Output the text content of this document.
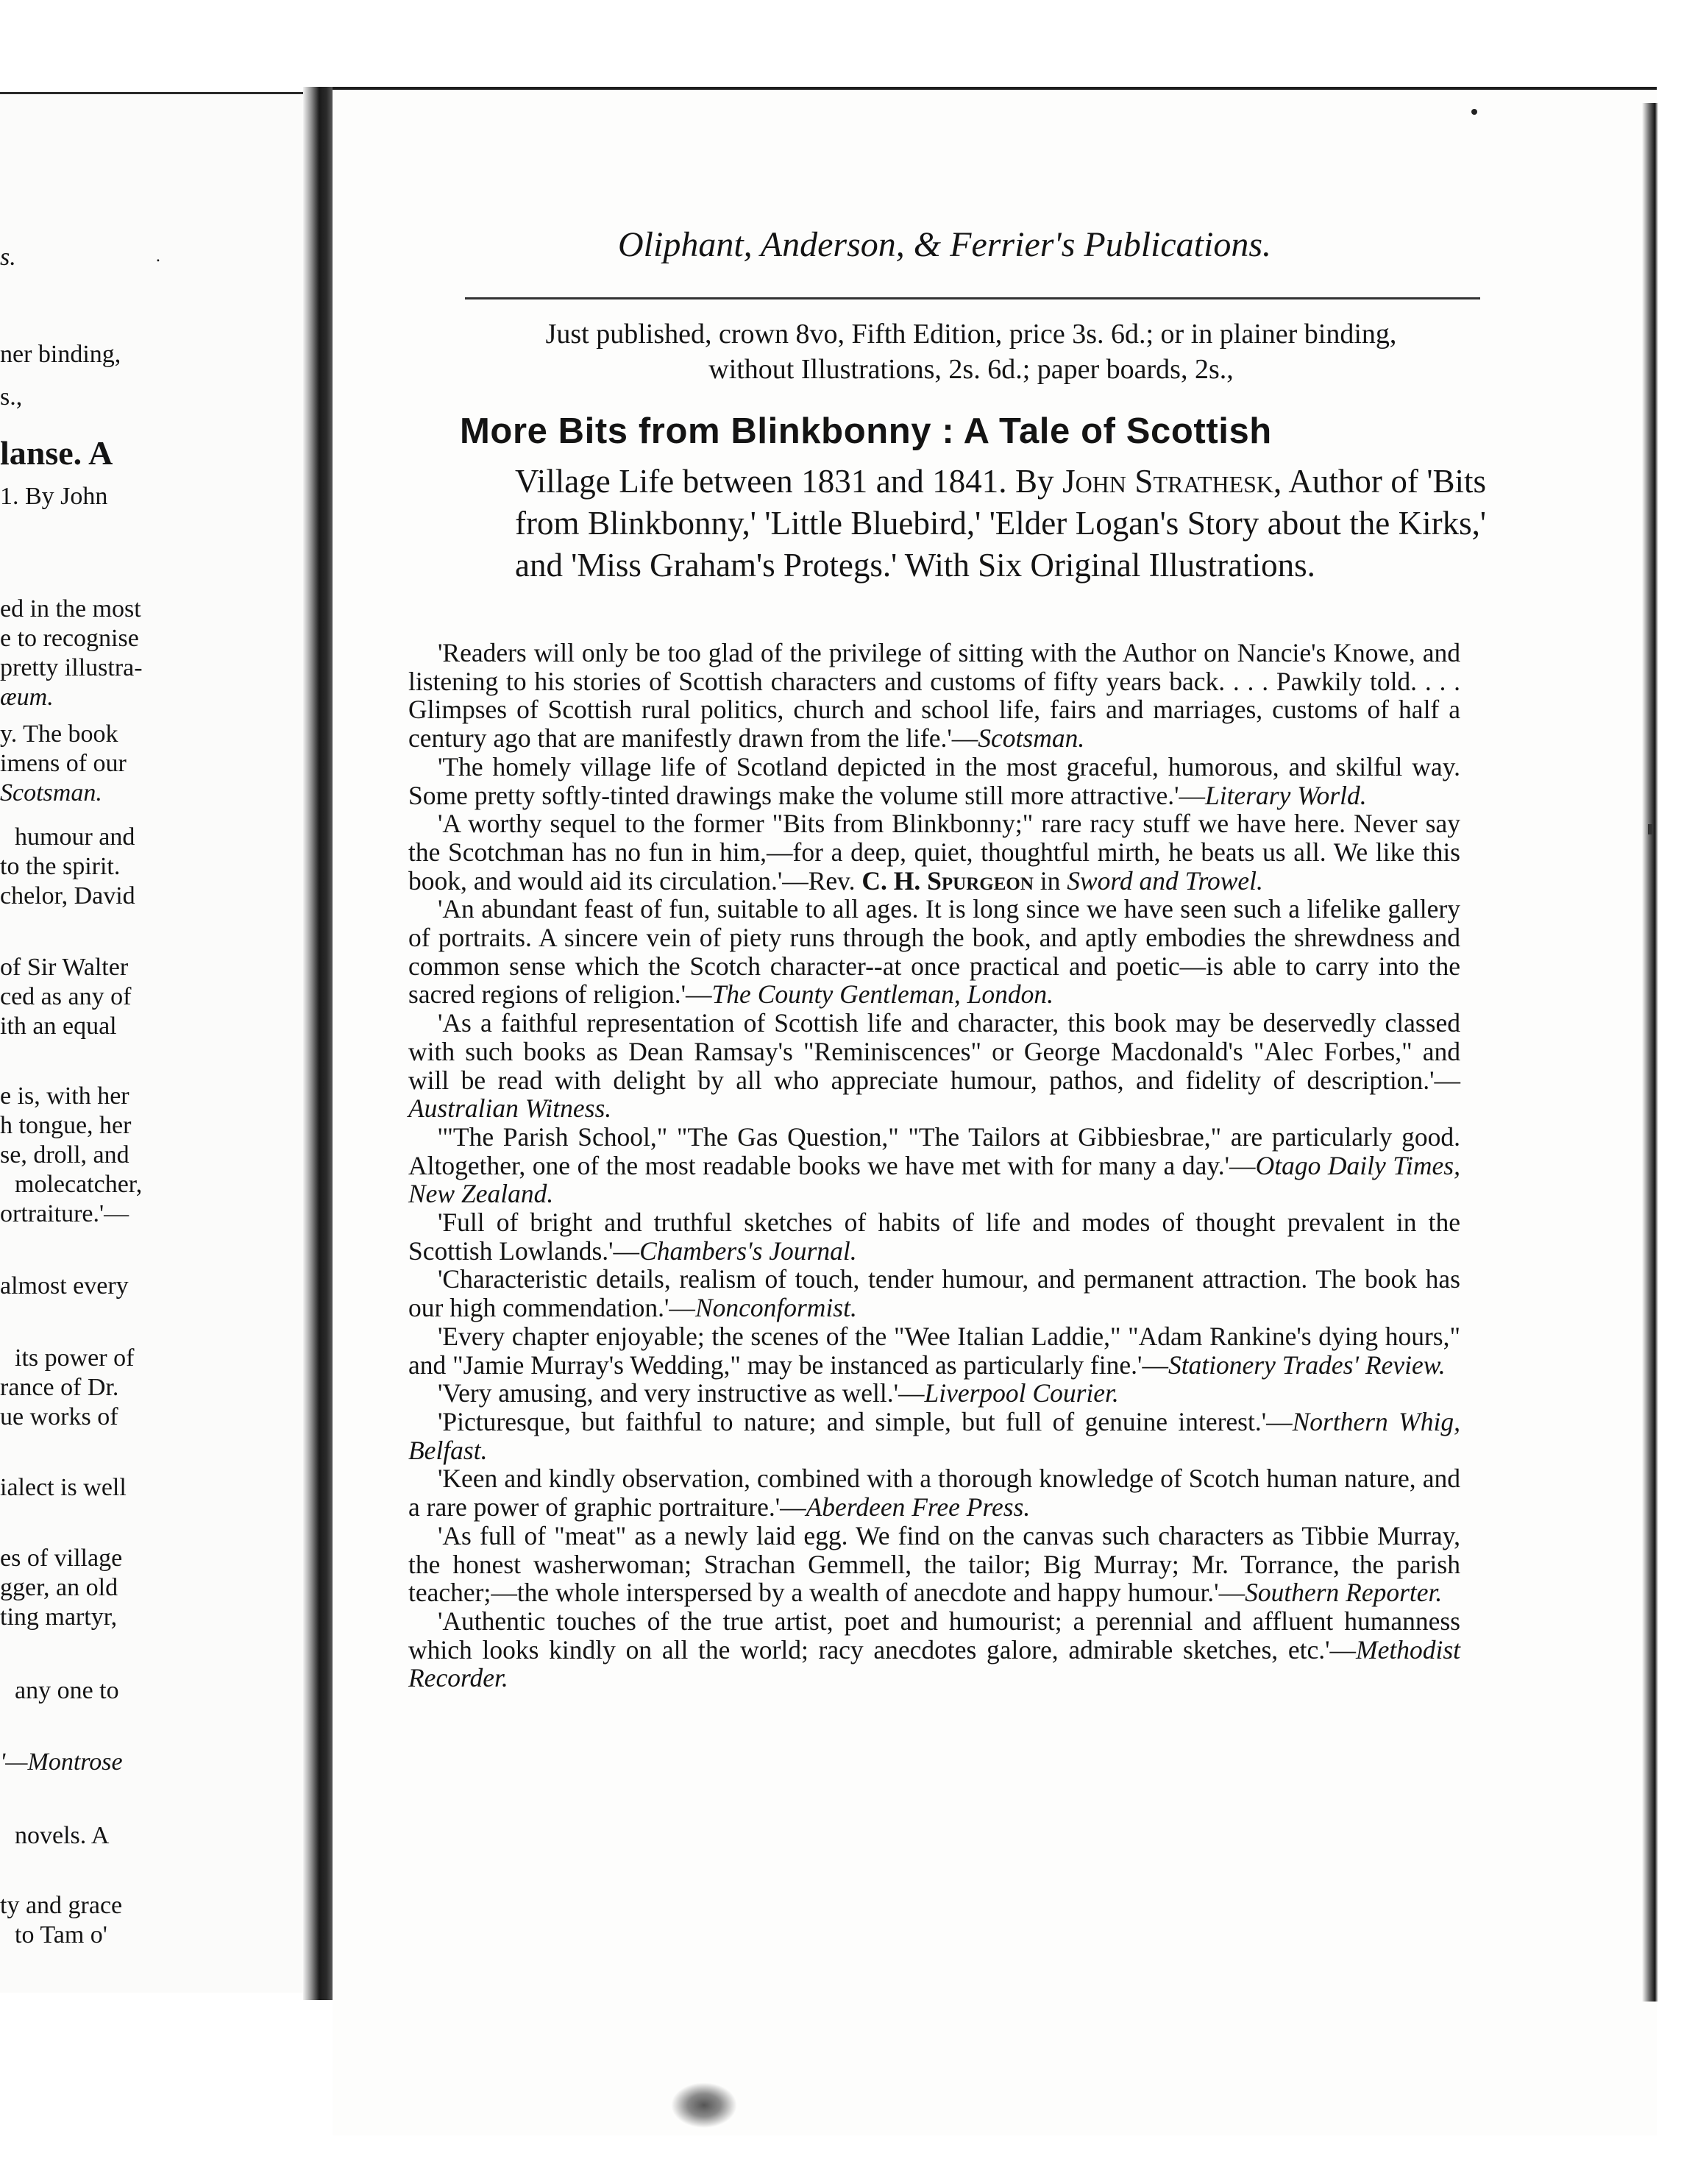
s.
ner binding,
s.,
lanse. A
1. By John
ed in the most
e to recognise
pretty illustra-
æum.
y. The book
imens of our
Scotsman.
humour and
to the spirit.
chelor, David
of Sir Walter
ced as any of
ith an equal
e is, with her
h tongue, her
se, droll, and
molecatcher,
ortraiture.'—
almost every
its power of
rance of Dr.
ue works of
ialect is well
es of village
gger, an old
ting martyr,
any one to
'—Montrose
novels. A
ty and grace
to Tam o'
⸳	Oliphant, Anderson, & Ferrier's Publications.
Just published, crown 8vo, Fifth Edition, price 3s. 6d.; or in plainer binding, without Illustrations, 2s. 6d.; paper boards, 2s.,
More Bits from Blinkbonny : A Tale of Scottish
Village Life between 1831 and 1841. By John Strathesk, Author of 'Bits from Blinkbonny,' 'Little Bluebird,' 'Elder Logan's Story about the Kirks,' and 'Miss Graham's Protegs.' With Six Original Illustrations.

'Readers will only be too glad of the privilege of sitting with the Author on Nancie's Knowe, and listening to his stories of Scottish characters and customs of fifty years back. . . . Pawkily told. . . . Glimpses of Scottish rural politics, church and school life, fairs and marriages, customs of half a century ago that are manifestly drawn from the life.'—Scotsman.

'The homely village life of Scotland depicted in the most graceful, humorous, and skilful way. Some pretty softly-tinted drawings make the volume still more attractive.'—Literary World.

'A worthy sequel to the former "Bits from Blinkbonny;" rare racy stuff we have here. Never say the Scotchman has no fun in him,—for a deep, quiet, thoughtful mirth, he beats us all. We like this book, and would aid its circulation.'—Rev. C. H. Spurgeon in Sword and Trowel.

'An abundant feast of fun, suitable to all ages. It is long since we have seen such a lifelike gallery of portraits. A sincere vein of piety runs through the book, and aptly embodies the shrewdness and common sense which the Scotch character--at once practical and poetic—is able to carry into the sacred regions of religion.'—The County Gentleman, London.

'As a faithful representation of Scottish life and character, this book may be deservedly classed with such books as Dean Ramsay's "Reminiscences" or George Macdonald's "Alec Forbes," and will be read with delight by all who appreciate humour, pathos, and fidelity of description.'—Australian Witness.

'"The Parish School," "The Gas Question," "The Tailors at Gibbiesbrae," are particularly good. Altogether, one of the most readable books we have met with for many a day.'—Otago Daily Times, New Zealand.

'Full of bright and truthful sketches of habits of life and modes of thought prevalent in the Scottish Lowlands.'—Chambers's Journal.

'Characteristic details, realism of touch, tender humour, and permanent attraction. The book has our high commendation.'—Nonconformist.

'Every chapter enjoyable; the scenes of the "Wee Italian Laddie," "Adam Rankine's dying hours," and "Jamie Murray's Wedding," may be instanced as particularly fine.'—Stationery Trades' Review.

'Very amusing, and very instructive as well.'—Liverpool Courier.

'Picturesque, but faithful to nature; and simple, but full of genuine interest.'—Northern Whig, Belfast.

'Keen and kindly observation, combined with a thorough knowledge of Scotch human nature, and a rare power of graphic portraiture.'—Aberdeen Free Press.

'As full of "meat" as a newly laid egg. We find on the canvas such characters as Tibbie Murray, the honest washerwoman; Strachan Gemmell, the tailor; Big Murray; Mr. Torrance, the parish teacher;—the whole interspersed by a wealth of anecdote and happy humour.'—Southern Reporter.

'Authentic touches of the true artist, poet and humourist; a perennial and affluent humanness which looks kindly on all the world; racy anecdotes galore, admirable sketches, etc.'—Methodist Recorder.
